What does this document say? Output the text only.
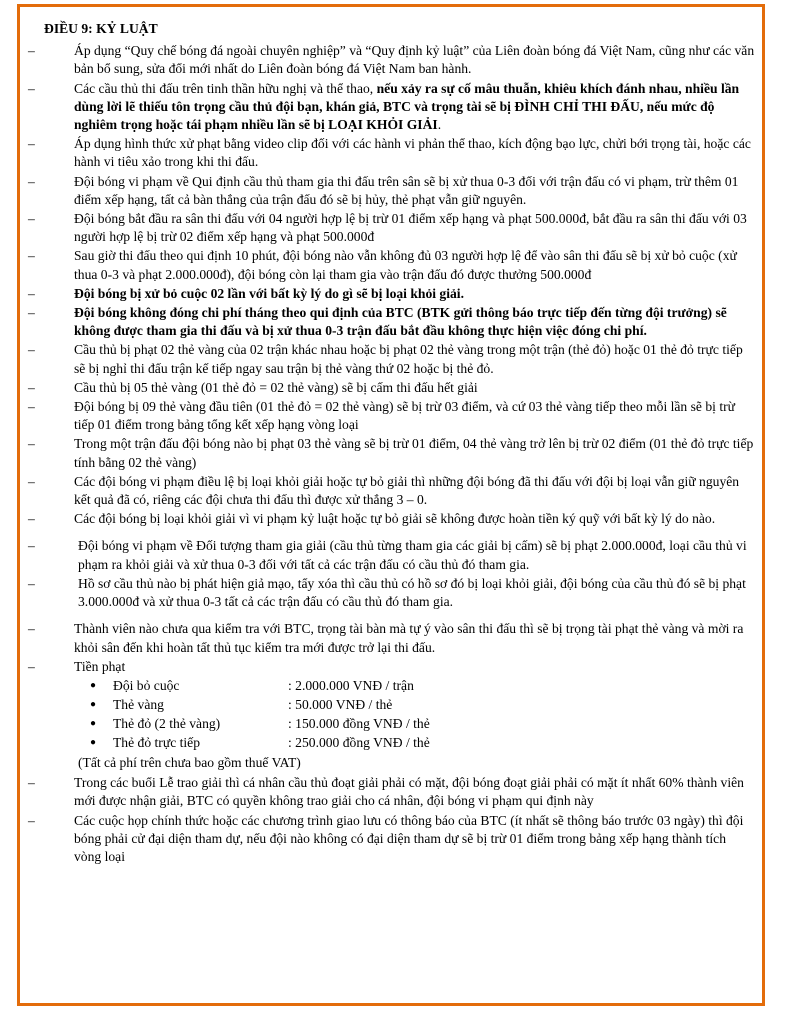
ĐIỀU 9: KỶ LUẬT
–	Áp dụng “Quy chế bóng đá ngoài chuyên nghiệp” và “Quy định kỷ luật” của Liên đoàn bóng đá Việt Nam, cũng như các văn bản bổ sung, sửa đổi mới nhất do Liên đoàn bóng đá Việt Nam ban hành.
–	Các cầu thủ thi đấu trên tinh thần hữu nghị và thể thao, nếu xảy ra sự cố mâu thuẫn, khiêu khích đánh nhau, nhiều lần dùng lời lẽ thiếu tôn trọng cầu thủ đội bạn, khán giả, BTC và trọng tài sẽ bị ĐÌNH CHỈ THI ĐẤU, nếu mức độ nghiêm trọng hoặc tái phạm nhiều lần sẽ bị LOẠI KHỎI GIẢI.
–	Áp dụng hình thức xử phạt bằng video clip đối với các hành vi phản thể thao, kích động bạo lực, chửi bới trọng tài, hoặc các hành vi tiêu xảo trong khi thi đấu.
–	Đội bóng vi phạm về Qui định cầu thủ tham gia thi đấu trên sân sẽ bị xử thua 0-3 đối với trận đấu có vi phạm, trừ thêm 01 điểm xếp hạng, tất cả bàn thắng của trận đấu đó sẽ bị hủy, thẻ phạt vẫn giữ nguyên.
–	Đội bóng bắt đầu ra sân thi đấu với 04 người hợp lệ bị trừ 01 điểm xếp hạng và phạt 500.000đ, bắt đầu ra sân thi đấu với 03 người hợp lệ bị trừ 02 điểm xếp hạng và phạt 500.000đ
–	Sau giờ thi đấu theo qui định 10 phút, đội bóng nào vẫn không đủ 03 người hợp lệ để vào sân thi đấu sẽ bị xử bỏ cuộc (xử thua 0-3 và phạt 2.000.000đ), đội bóng còn lại tham gia vào trận đấu đó được thưởng 500.000đ
–	Đội bóng bị xử bỏ cuộc 02 lần với bất kỳ lý do gì sẽ bị loại khỏi giải.
–	Đội bóng không đóng chi phí tháng theo qui định của BTC (BTK gửi thông báo trực tiếp đến từng đội trưởng) sẽ không được tham gia thi đấu và bị xử thua 0-3 trận đấu bắt đầu không thực hiện việc đóng chi phí.
–	Cầu thủ bị phạt 02 thẻ vàng của 02 trận khác nhau hoặc bị phạt 02 thẻ vàng trong một trận (thẻ đỏ) hoặc 01 thẻ đỏ trực tiếp sẽ bị nghỉ thi đấu trận kế tiếp ngay sau trận bị thẻ vàng thứ 02 hoặc bị thẻ đỏ.
–	Cầu thủ bị 05 thẻ vàng (01 thẻ đỏ = 02 thẻ vàng) sẽ bị cấm thi đấu hết giải
–	Đội bóng bị 09 thẻ vàng đầu tiên (01 thẻ đỏ = 02 thẻ vàng) sẽ bị trừ 03 điểm, và cứ 03 thẻ vàng tiếp theo mỗi lần sẽ bị trừ tiếp 01 điểm trong bảng tổng kết xếp hạng vòng loại
–	Trong một trận đấu đội bóng nào bị phạt 03 thẻ vàng sẽ bị trừ 01 điểm, 04 thẻ vàng trở lên bị trừ 02 điểm (01 thẻ đỏ trực tiếp tính bằng 02 thẻ vàng)
–	Các đội bóng vi phạm điều lệ bị loại khỏi giải hoặc tự bỏ giải thì những đội bóng đã thi đấu với đội bị loại vẫn giữ nguyên kết quả đã có, riêng các đội chưa thi đấu thì được xử thắng 3 – 0.
–	Các đội bóng bị loại khỏi giải vì vi phạm kỷ luật hoặc tự bỏ giải sẽ không được hoàn tiền ký quỹ với bất kỳ lý do nào.
–	Đội bóng vi phạm về Đối tượng tham gia giải (cầu thủ từng tham gia các giải bị cấm) sẽ bị phạt 2.000.000đ, loại cầu thủ vi phạm ra khỏi giải và xử thua 0-3 đối với tất cả các trận đấu có cầu thủ đó tham gia.
–	Hồ sơ cầu thủ nào bị phát hiện giả mạo, tẩy xóa thì cầu thủ có hồ sơ đó bị loại khỏi giải, đội bóng của cầu thủ đó sẽ bị phạt 3.000.000đ và xử thua 0-3 tất cả các trận đấu có cầu thủ đó tham gia.
–	Thành viên nào chưa qua kiểm tra với BTC, trọng tài bàn mà tự ý vào sân thi đấu thì sẽ bị trọng tài phạt thẻ vàng và mời ra khỏi sân đến khi hoàn tất thủ tục kiểm tra mới được trở lại thi đấu.
–	Tiền phạt
●	Đội bỏ cuộc	: 2.000.000 VNĐ / trận
●	Thẻ vàng	: 50.000 VNĐ / thẻ
●	Thẻ đỏ (2 thẻ vàng)	: 150.000 đồng VNĐ / thẻ
●	Thẻ đỏ trực tiếp	: 250.000 đồng VNĐ / thẻ
(Tất cả phí trên chưa bao gồm thuế VAT)
–	Trong các buổi Lễ trao giải thì cá nhân cầu thủ đoạt giải phải có mặt, đội bóng đoạt giải phải có mặt ít nhất 60% thành viên mới được nhận giải, BTC có quyền không trao giải cho cá nhân, đội bóng vi phạm qui định này
–	Các cuộc họp chính thức hoặc các chương trình giao lưu có thông báo của BTC (ít nhất sẽ thông báo trước 03 ngày) thì đội bóng phải cử đại diện tham dự, nếu đội nào không có đại diện tham dự sẽ bị trừ 01 điểm trong bảng xếp hạng thành tích vòng loại
